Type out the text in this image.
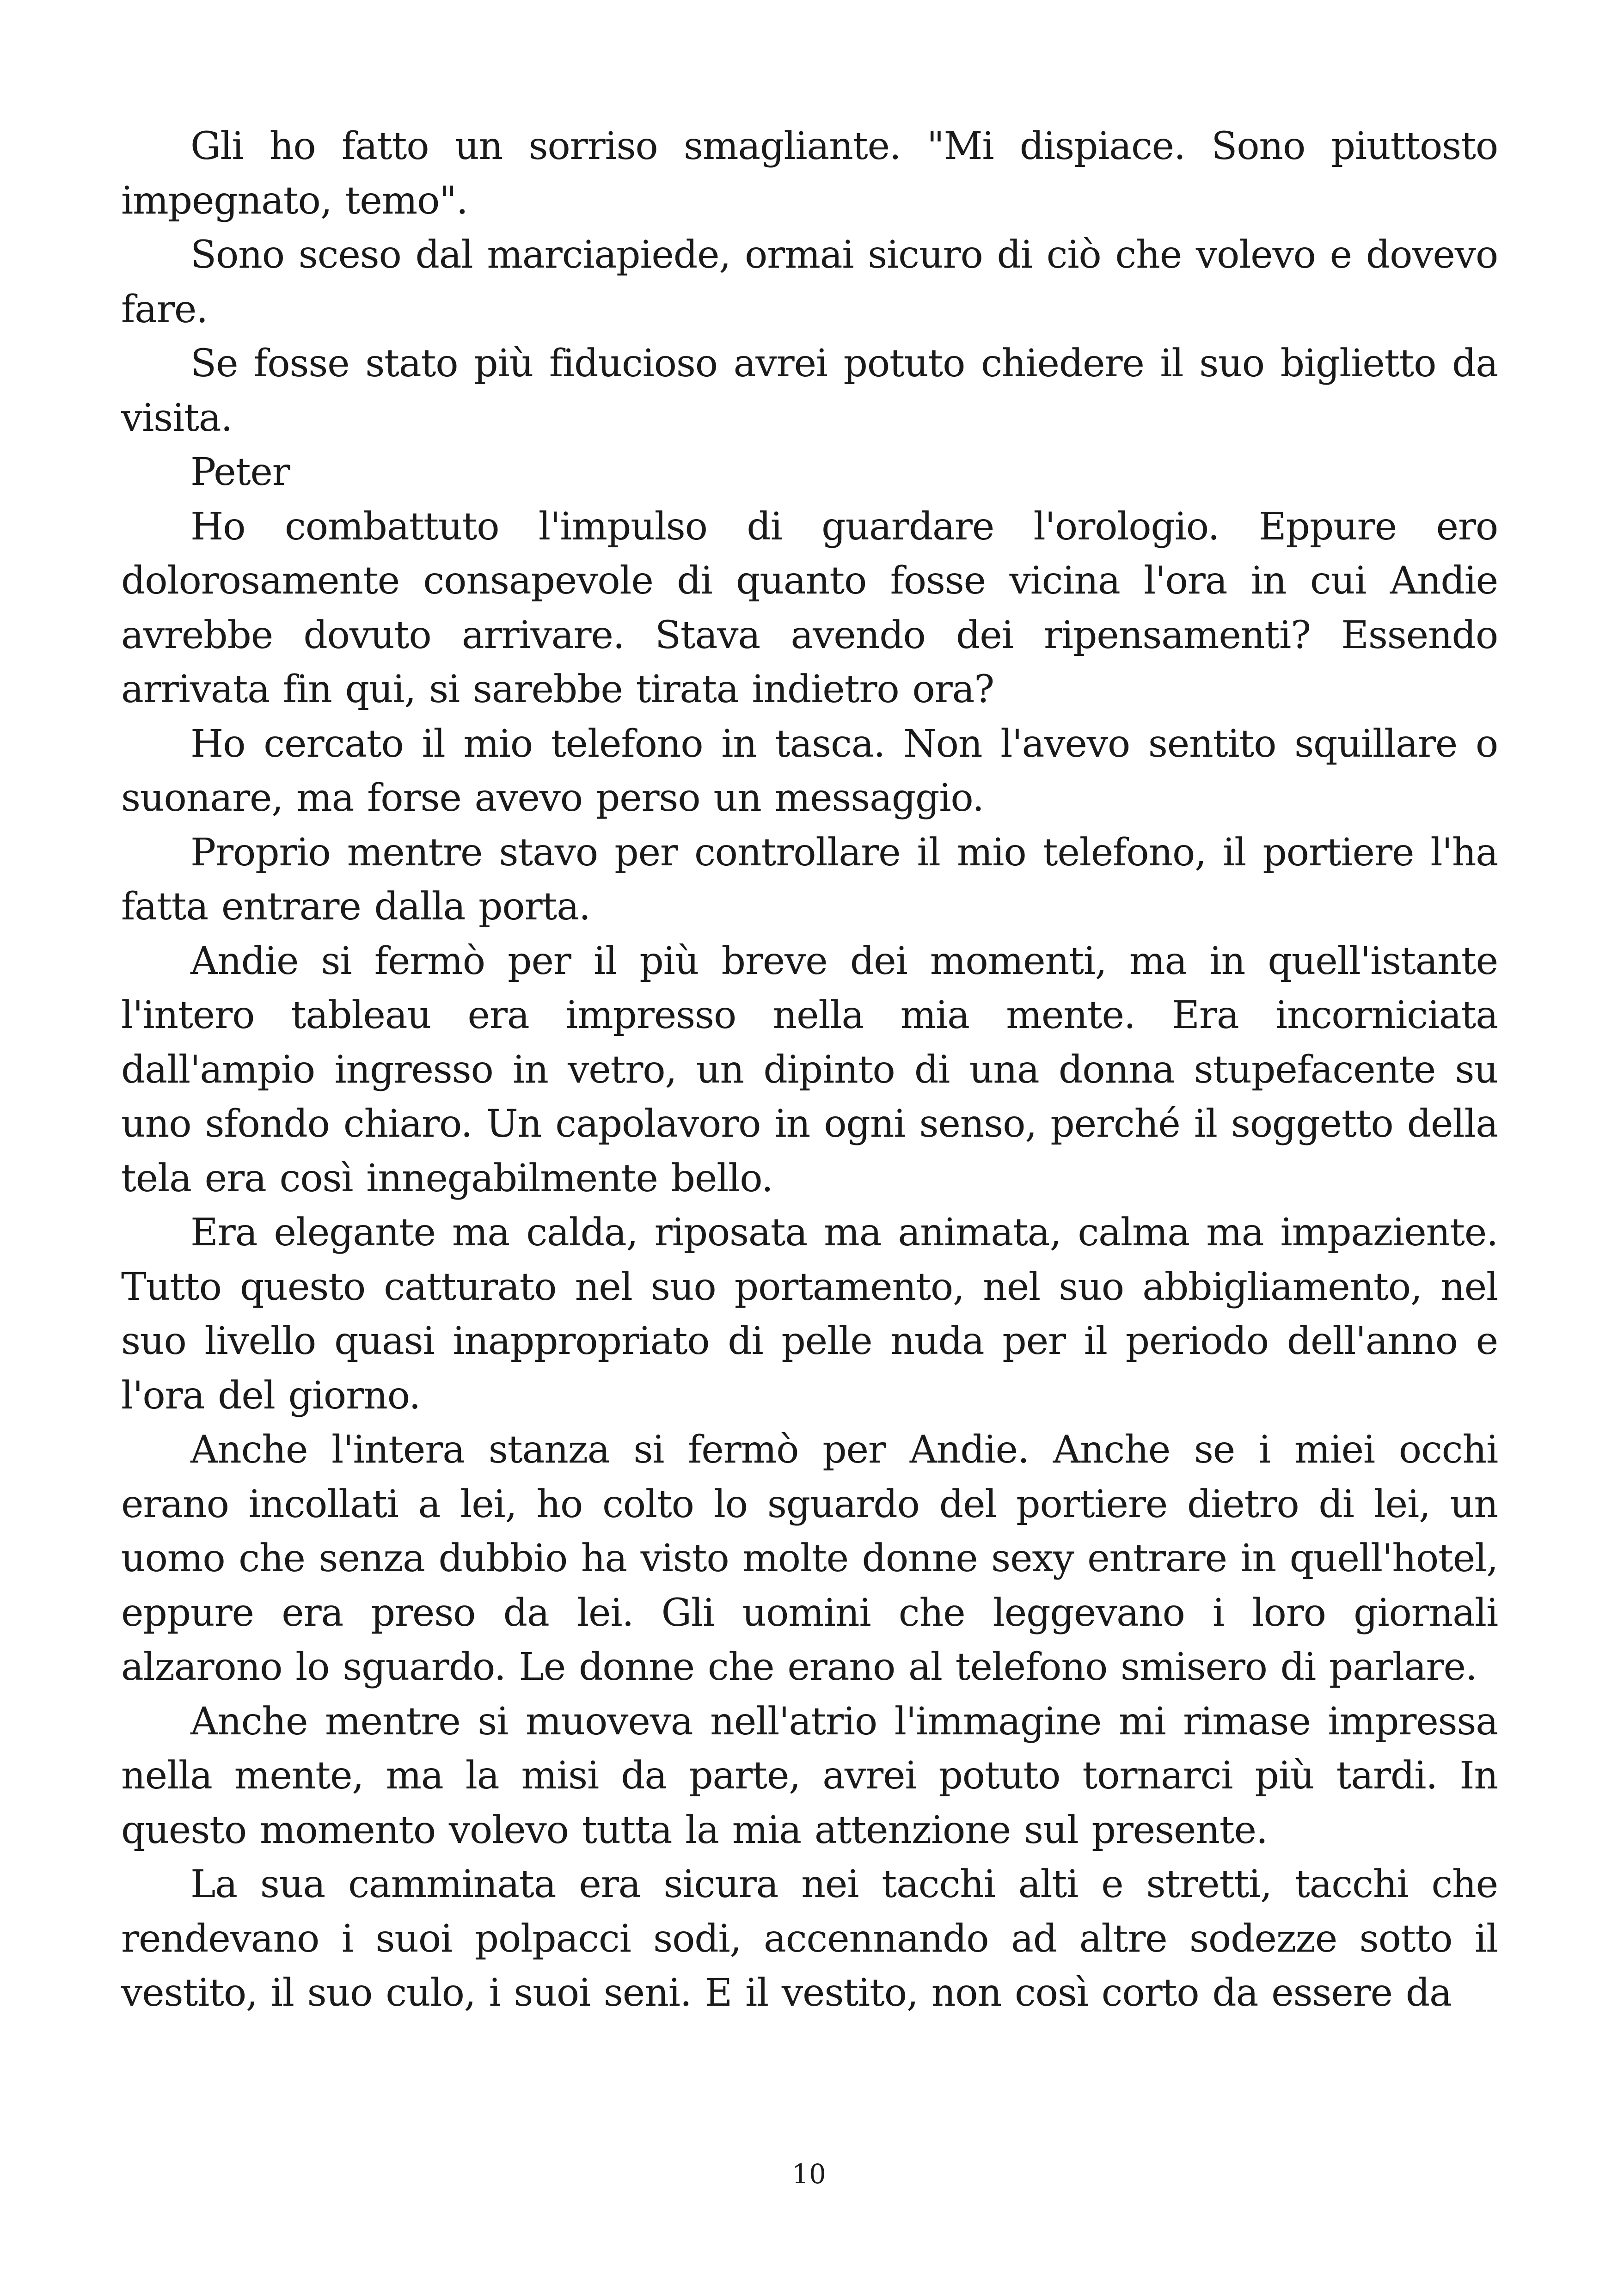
Gli ho fatto un sorriso smagliante. "Mi dispiace. Sono piuttosto impegnato, temo".

Sono sceso dal marciapiede, ormai sicuro di ciò che volevo e dovevo fare.

Se fosse stato più fiducioso avrei potuto chiedere il suo biglietto da visita.

Peter

Ho combattuto l'impulso di guardare l'orologio. Eppure ero dolorosamente consapevole di quanto fosse vicina l'ora in cui Andie avrebbe dovuto arrivare. Stava avendo dei ripensamenti? Essendo arrivata fin qui, si sarebbe tirata indietro ora?

Ho cercato il mio telefono in tasca. Non l'avevo sentito squillare o suonare, ma forse avevo perso un messaggio.

Proprio mentre stavo per controllare il mio telefono, il portiere l'ha fatta entrare dalla porta.

Andie si fermò per il più breve dei momenti, ma in quell'istante l'intero tableau era impresso nella mia mente. Era incorniciata dall'ampio ingresso in vetro, un dipinto di una donna stupefacente su uno sfondo chiaro. Un capolavoro in ogni senso, perché il soggetto della tela era così innegabilmente bello.

Era elegante ma calda, riposata ma animata, calma ma impaziente. Tutto questo catturato nel suo portamento, nel suo abbigliamento, nel suo livello quasi inappropriato di pelle nuda per il periodo dell'anno e l'ora del giorno.

Anche l'intera stanza si fermò per Andie. Anche se i miei occhi erano incollati a lei, ho colto lo sguardo del portiere dietro di lei, un uomo che senza dubbio ha visto molte donne sexy entrare in quell'hotel, eppure era preso da lei. Gli uomini che leggevano i loro giornali alzarono lo sguardo. Le donne che erano al telefono smisero di parlare.

Anche mentre si muoveva nell'atrio l'immagine mi rimase impressa nella mente, ma la misi da parte, avrei potuto tornarci più tardi. In questo momento volevo tutta la mia attenzione sul presente.

La sua camminata era sicura nei tacchi alti e stretti, tacchi che rendevano i suoi polpacci sodi, accennando ad altre sodezze sotto il vestito, il suo culo, i suoi seni. E il vestito, non così corto da essere da

10
